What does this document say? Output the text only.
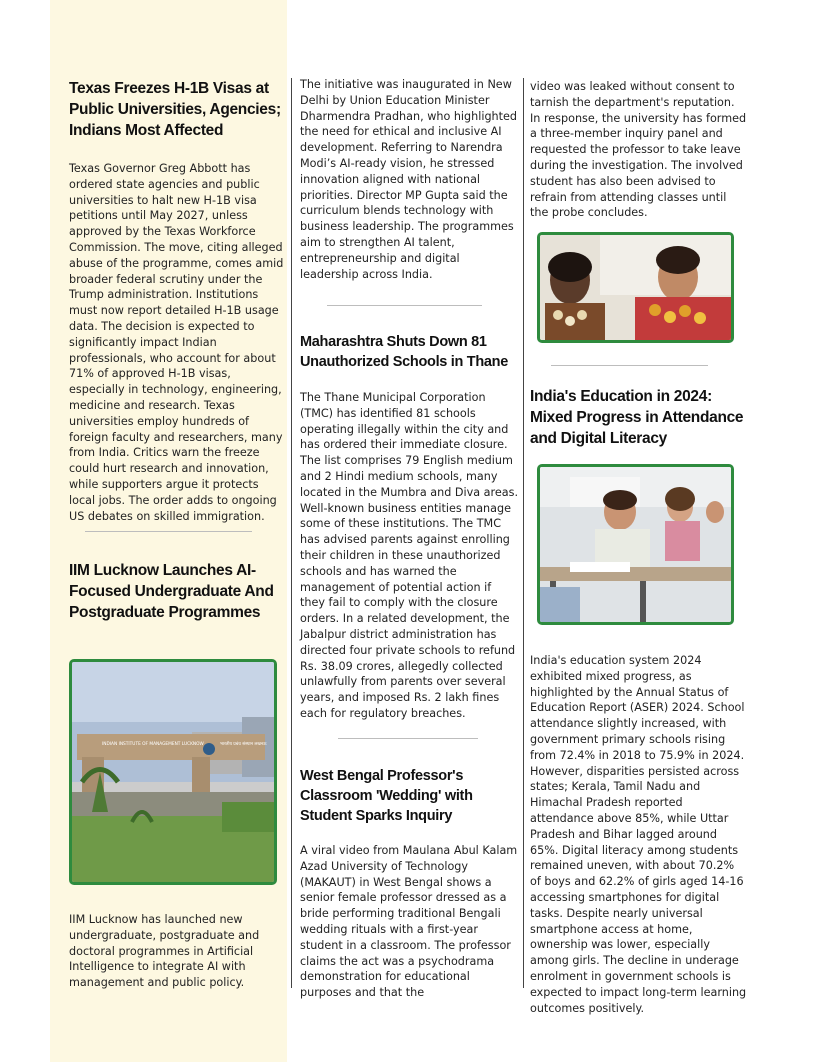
Texas Freezes H-1B Visas at Public Universities, Agencies; Indians Most Affected

Texas Governor Greg Abbott has ordered state agencies and public universities to halt new H-1B visa petitions until May 2027, unless approved by the Texas Workforce Commission. The move, citing alleged abuse of the programme, comes amid broader federal scrutiny under the Trump administration. Institutions must now report detailed H-1B usage data. The decision is expected to significantly impact Indian professionals, who account for about 71% of approved H-1B visas, especially in technology, engineering, medicine and research. Texas universities employ hundreds of foreign faculty and researchers, many from India. Critics warn the freeze could hurt research and innovation, while supporters argue it protects local jobs. The order adds to ongoing US debates on skilled immigration.

IIM Lucknow Launches AI-Focused Undergraduate And Postgraduate Programmes
INDIAN INSTITUTE OF MANAGEMENT LUCKNOW	भारतीय प्रबंध संस्थान लखनऊ

IIM Lucknow has launched new undergraduate, postgraduate and doctoral programmes in Artificial Intelligence to integrate AI with management and public policy.

The initiative was inaugurated in New Delhi by Union Education Minister Dharmendra Pradhan, who highlighted the need for ethical and inclusive AI development. Referring to Narendra Modi’s AI-ready vision, he stressed innovation aligned with national priorities. Director MP Gupta said the curriculum blends technology with business leadership. The programmes aim to strengthen AI talent, entrepreneurship and digital leadership across India.

Maharashtra Shuts Down 81 Unauthorized Schools in Thane

The Thane Municipal Corporation (TMC) has identified 81 schools operating illegally within the city and has ordered their immediate closure. The list comprises 79 English medium and 2 Hindi medium schools, many located in the Mumbra and Diva areas.

Well-known business entities manage some of these institutions. The TMC has advised parents against enrolling their children in these unauthorized schools and has warned the management of potential action if they fail to comply with the closure orders. In a related development, the Jabalpur district administration has directed four private schools to refund Rs. 38.09 crores, allegedly collected unlawfully from parents over several years, and imposed Rs. 2 lakh fines each for regulatory breaches.

West Bengal Professor's Classroom 'Wedding' with Student Sparks Inquiry

A viral video from Maulana Abul Kalam Azad University of Technology (MAKAUT) in West Bengal shows a senior female professor dressed as a bride performing traditional Bengali wedding rituals with a first-year student in a classroom. The professor claims the act was a psychodrama demonstration for educational purposes and that the

video was leaked without consent to tarnish the department's reputation. In response, the university has formed a three-member inquiry panel and requested the professor to take leave during the investigation. The involved student has also been advised to refrain from attending classes until the probe concludes.

India's Education in 2024: Mixed Progress in Attendance and Digital Literacy

India's education system 2024 exhibited mixed progress, as highlighted by the Annual Status of Education Report (ASER) 2024. School attendance slightly increased, with government primary schools rising from 72.4% in 2018 to 75.9% in 2024. However, disparities persisted across states; Kerala, Tamil Nadu and Himachal Pradesh reported attendance above 85%, while Uttar Pradesh and Bihar lagged around 65%. Digital literacy among students remained uneven, with about 70.2% of boys and 62.2% of girls aged 14-16 accessing smartphones for digital tasks. Despite nearly universal smartphone access at home, ownership was lower, especially among girls. The decline in underage enrolment in government schools is expected to impact long-term learning outcomes positively.
